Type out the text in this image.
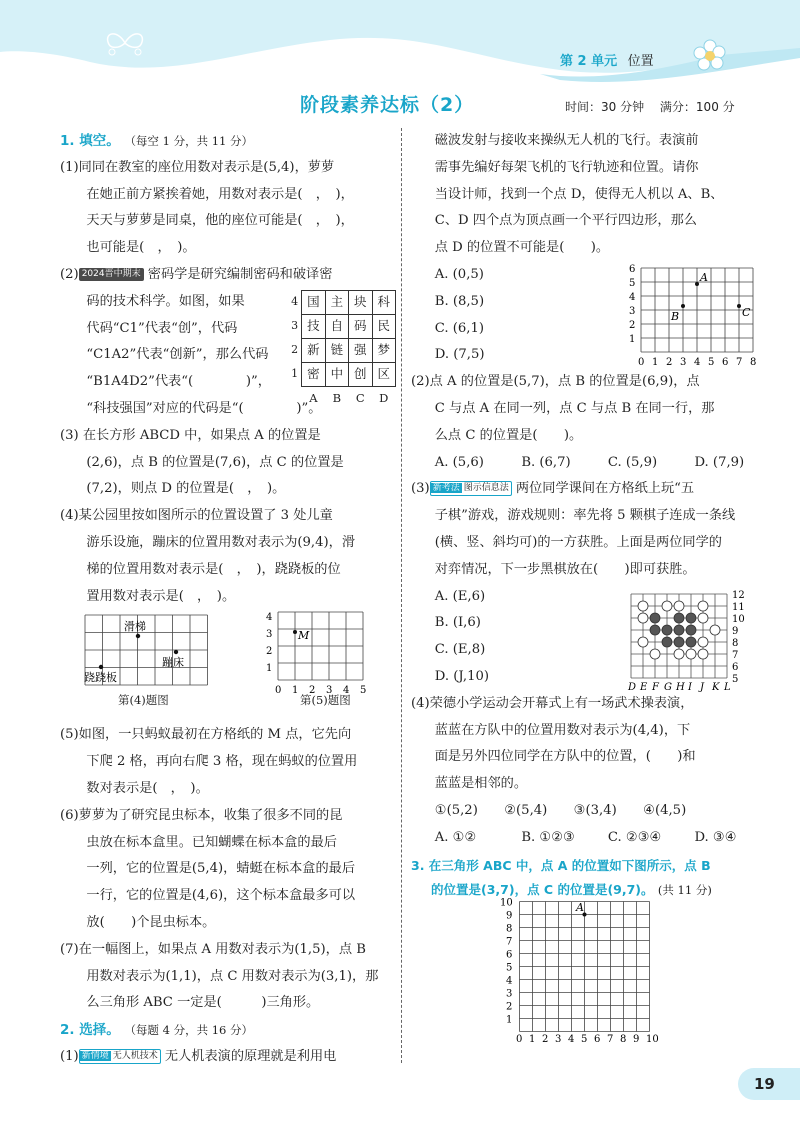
第 2 单元 位置
阶段素养达标（2）	时间：30 分钟 满分：100 分
1. 填空。 （每空 1 分，共 11 分）
(1)同同在教室的座位用数对表示是(5,4)，萝萝
在她正前方紧挨着她，用数对表示是(　，　)，
天天与萝萝是同桌，他的座位可能是(　，　)，
也可能是(　，　)。
(2) 2024晋中期末 密码学是研究编制密码和破译密
码的技术科学。如图，如果
代码“C1”代表“创”，代码
“C1A2”代表“创新”，那么代码
“B1A4D2”代表“(　　　　)”，
“科技强国”对应的代码是“(　　　　)”。
4	国	主	块	科
3	技	自	码	民
2	新	链	强	梦
1	密	中	创	区
	A	B	C	D
(3) 在长方形 ABCD 中，如果点 A 的位置是
(2,6)，点 B 的位置是(7,6)，点 C 的位置是
(7,2)，则点 D 的位置是(　，　)。
(4)某公园里按如图所示的位置设置了 3 处儿童
游乐设施，蹦床的位置用数对表示为(9,4)，滑
梯的位置用数对表示是(　，　)，跷跷板的位
置用数对表示是(　，　)。
滑梯
蹦床
跷跷板
第(4)题图
0 1 2 3 4 5
1
2
3
4
M
第(5)题图
(5)如图，一只蚂蚁最初在方格纸的 M 点，它先向
下爬 2 格，再向右爬 3 格，现在蚂蚁的位置用
数对表示是(　，　)。
(6)萝萝为了研究昆虫标本，收集了很多不同的昆
虫放在标本盒里。已知蝴蝶在标本盒的最后
一列，它的位置是(5,4)，蜻蜓在标本盒的最后
一行，它的位置是(4,6)，这个标本盒最多可以
放(　　)个昆虫标本。
(7)在一幅图上，如果点 A 用数对表示为(1,5)，点 B
用数对表示为(1,1)，点 C 用数对表示为(3,1)，那
么三角形 ABC 一定是(　　　)三角形。
2. 选择。 （每题 4 分，共 16 分）
(1) 新情境 无人机技术 无人机表演的原理就是利用电
磁波发射与接收来操纵无人机的飞行。表演前
需事先编好每架飞机的飞行轨迹和位置。请你
当设计师，找到一个点 D，使得无人机以 A、B、
C、D 四个点为顶点画一个平行四边形，那么
点 D 的位置不可能是(　　)。
A. (0,5)
B. (8,5)
C. (6,1)
D. (7,5)
0 1 2 3 4 5 6 7 8
1
2
3
4
5
6
A
B	C
(2)点 A 的位置是(5,7)，点 B 的位置是(6,9)，点
C 与点 A 在同一列，点 C 与点 B 在同一行，那
么点 C 的位置是(　　)。
A. (5,6)	B. (6,7)	C. (5,9)	D. (7,9)
(3) 新考法 图示信息法 两位同学课间在方格纸上玩“五
子棋”游戏，游戏规则：率先将 5 颗棋子连成一条线
(横、竖、斜均可)的一方获胜。上面是两位同学的
对弈情况，下一步黑棋放在(　　)即可获胜。
A. (E,6)
B. (I,6)
C. (E,8)
D. (J,10)
D E F G H I J K L
12
11
10
9
8
7
6
5
(4)荣德小学运动会开幕式上有一场武术操表演，
蓝蓝在方队中的位置用数对表示为(4,4)，下
面是另外四位同学在方队中的位置，(　　)和
蓝蓝是相邻的。
①(5,2)　　②(5,4)　　③(3,4)　　④(4,5)
A. ①②	B. ①②③	C. ②③④	D. ③④
3. 在三角形 ABC 中，点 A 的位置如下图所示，点 B
的位置是(3,7)，点 C 的位置是(9,7)。 (共 11 分)
0 1 2 3 4 5 6 7 8 9 10
1
2
3
4
5
6
7
8
9
10	A
19
